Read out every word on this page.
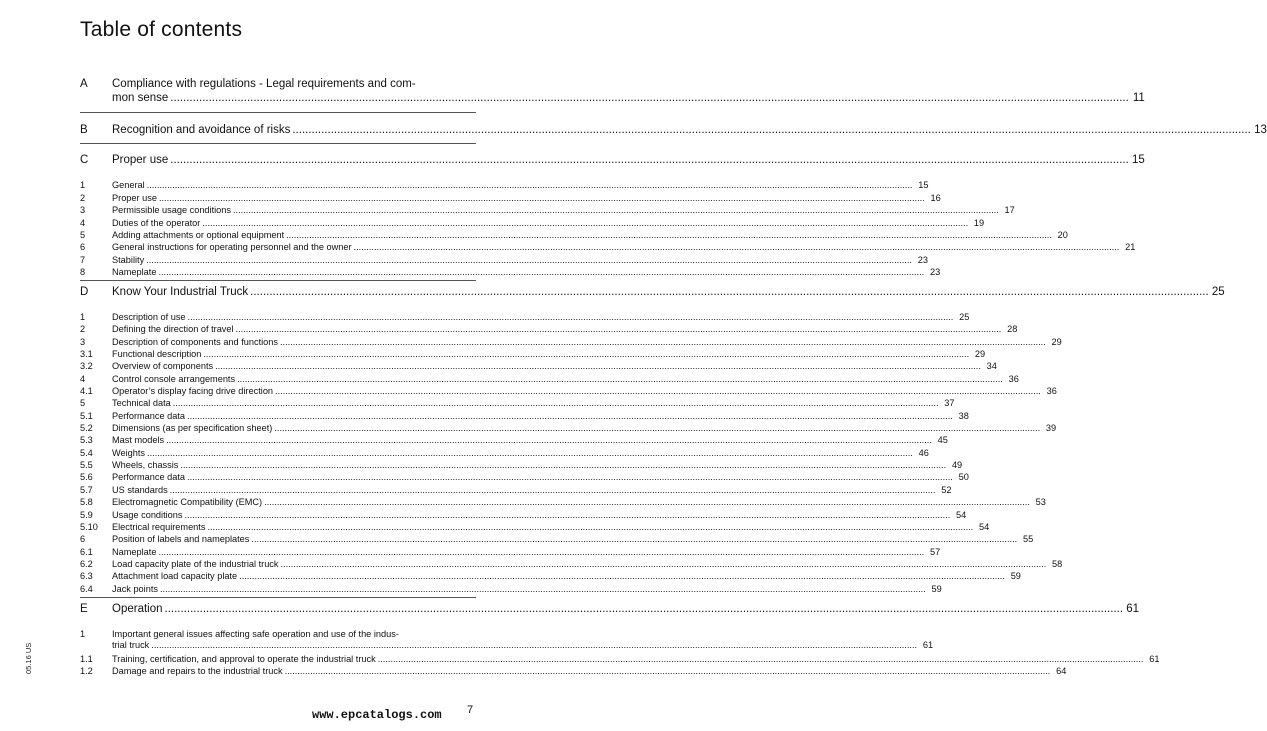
Table of contents
A Compliance with regulations - Legal requirements and com-
mon sense ............................................................................................................................................................................................................................................................................................................ 11
B Recognition and avoidance of risks ............................................................................................................................................................................................................................................................................................................ 13
C Proper use ............................................................................................................................................................................................................................................................................................................ 15
1	General ............................................................................................................................................................................................................................................................................................................ 15
2	Proper use ............................................................................................................................................................................................................................................................................................................ 16
3	Permissible usage conditions ............................................................................................................................................................................................................................................................................................................ 17
4	Duties of the operator ............................................................................................................................................................................................................................................................................................................ 19
5	Adding attachments or optional equipment ............................................................................................................................................................................................................................................................................................................ 20
6	General instructions for operating personnel and the owner ............................................................................................................................................................................................................................................................................................................ 21
7	Stability ............................................................................................................................................................................................................................................................................................................ 23
8	Nameplate ............................................................................................................................................................................................................................................................................................................ 23
D Know Your Industrial Truck ............................................................................................................................................................................................................................................................................................................ 25
1	Description of use ............................................................................................................................................................................................................................................................................................................ 25
2	Defining the direction of travel ............................................................................................................................................................................................................................................................................................................ 28
3	Description of components and functions ............................................................................................................................................................................................................................................................................................................ 29
3.1 Functional description ............................................................................................................................................................................................................................................................................................................ 29
3.2 Overview of components ............................................................................................................................................................................................................................................................................................................ 34
4	Control console arrangements ............................................................................................................................................................................................................................................................................................................ 36
4.1 Operator’s display facing drive direction ............................................................................................................................................................................................................................................................................................................ 36
5	Technical data ............................................................................................................................................................................................................................................................................................................ 37
5.1 Performance data ............................................................................................................................................................................................................................................................................................................ 38
5.2 Dimensions (as per specification sheet) ............................................................................................................................................................................................................................................................................................................ 39
5.3 Mast models ............................................................................................................................................................................................................................................................................................................ 45
5.4 Weights ............................................................................................................................................................................................................................................................................................................ 46
5.5 Wheels, chassis ............................................................................................................................................................................................................................................................................................................ 49
5.6 Performance data ............................................................................................................................................................................................................................................................................................................ 50
5.7 US standards ............................................................................................................................................................................................................................................................................................................ 52
5.8 Electromagnetic Compatibility (EMC) ............................................................................................................................................................................................................................................................................................................ 53
5.9 Usage conditions ............................................................................................................................................................................................................................................................................................................ 54
5.10 Electrical requirements ............................................................................................................................................................................................................................................................................................................ 54
6	Position of labels and nameplates ............................................................................................................................................................................................................................................................................................................ 55
6.1 Nameplate ............................................................................................................................................................................................................................................................................................................ 57
6.2 Load capacity plate of the industrial truck ............................................................................................................................................................................................................................................................................................................ 58
6.3 Attachment load capacity plate ............................................................................................................................................................................................................................................................................................................ 59
6.4 Jack points ............................................................................................................................................................................................................................................................................................................ 59
E Operation ............................................................................................................................................................................................................................................................................................................ 61
1	Important general issues affecting safe operation and use of the indus-
trial truck ............................................................................................................................................................................................................................................................................................................ 61
1.1 Training, certification, and approval to operate the industrial truck ............................................................................................................................................................................................................................................................................................................ 61
1.2 Damage and repairs to the industrial truck ............................................................................................................................................................................................................................................................................................................ 64
05.16 US
www.epcatalogs.com 7
